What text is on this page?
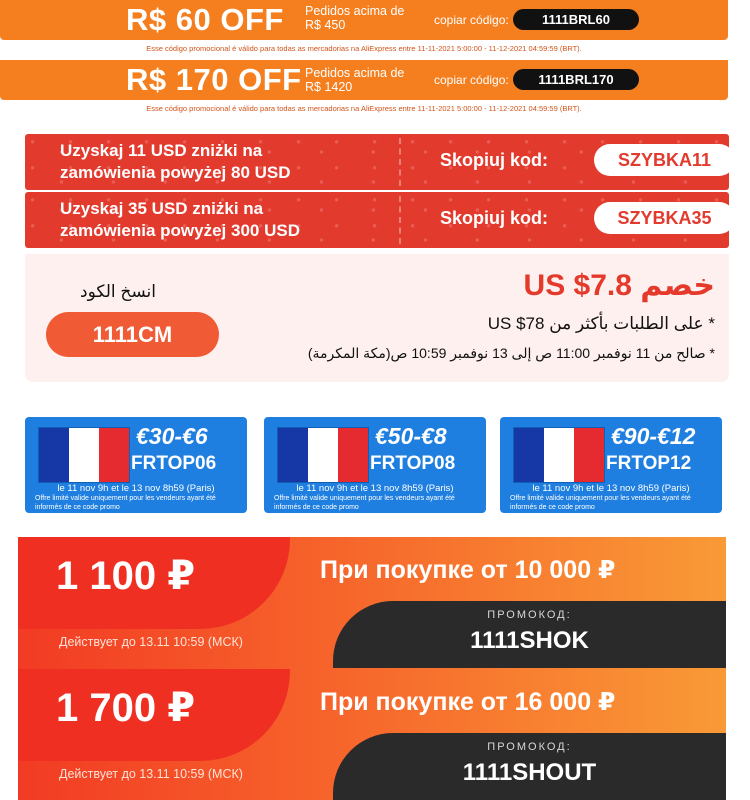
R$ 60 OFF Pedidos acima de
R$ 450	copiar código:	1111BRL60
Esse código promocional é válido para todas as mercadorias na AliExpress entre 11-11-2021 5:00:00 - 11-12-2021 04:59:59 (BRT).
R$ 170 OFF Pedidos acima de
R$ 1420	copiar código:	1111BRL170
Esse código promocional é válido para todas as mercadorias na AliExpress entre 11-11-2021 5:00:00 - 11-12-2021 04:59:59 (BRT).
Uzyskaj 11 USD zniżki na
zamówienia powyżej 80 USD
Skopiuj kod:	SZYBKA11
Uzyskaj 35 USD zniżki na
zamówienia powyżej 300 USD
Skopiuj kod:	SZYBKA35
انسخ الكود
1111CM
خصم US $7.8
* على الطلبات بأكثر من US $78
* صالح من 11 نوفمبر 11:00 ص إلى 13 نوفمبر 10:59 ص(مكة المكرمة)
€30-€6
FRTOP06
le 11 nov 9h et le 13 nov 8h59 (Paris)
Offre limité valide uniquement pour les vendeurs ayant été informés de ce code promo
€50-€8
FRTOP08
le 11 nov 9h et le 13 nov 8h59 (Paris)
Offre limité valide uniquement pour les vendeurs ayant été informés de ce code promo
€90-€12
FRTOP12
le 11 nov 9h et le 13 nov 8h59 (Paris)
Offre limité valide uniquement pour les vendeurs ayant été informés de ce code promo
1 100 ₽	При покупке от 10 000 ₽
Действует до 13.11 10:59 (МСК)
ПРОМОКОД:
1111SHOK
1 700 ₽	При покупке от 16 000 ₽
Действует до 13.11 10:59 (МСК)
ПРОМОКОД:
1111SHOUT
